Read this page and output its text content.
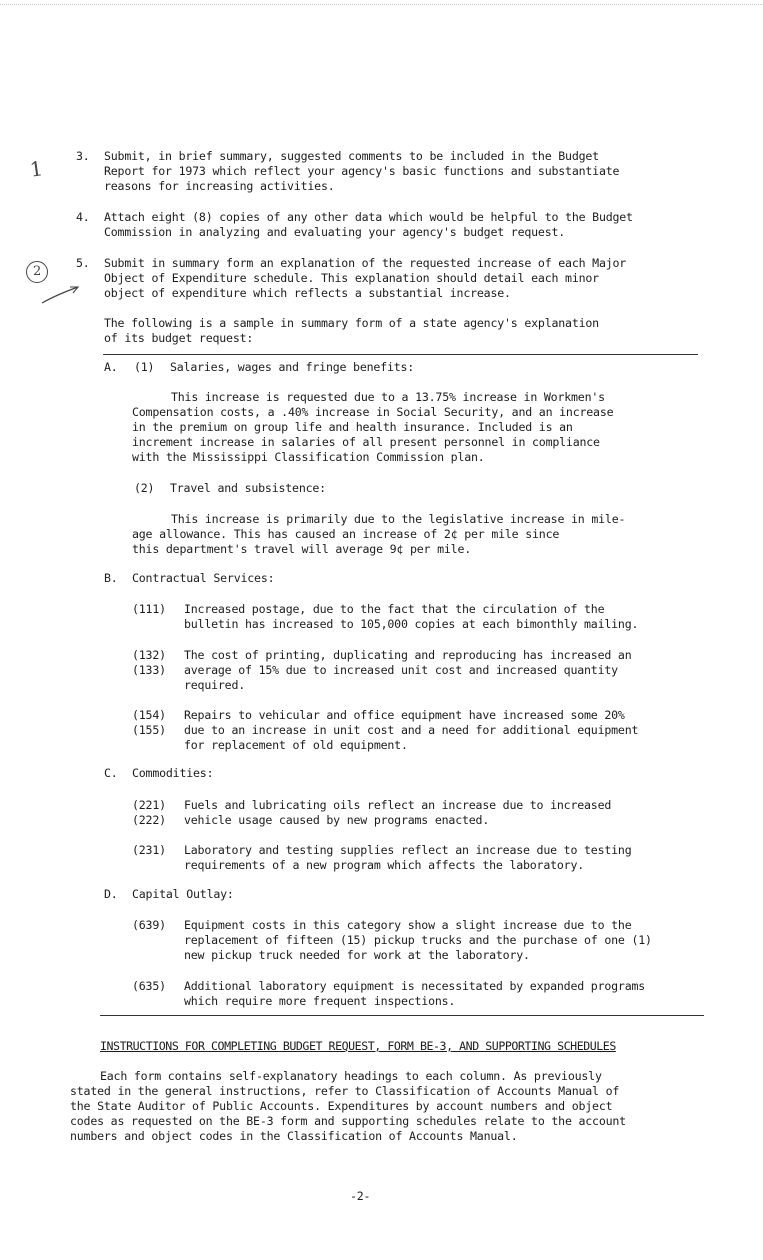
1
2
3. Submit, in brief summary, suggested comments to be included in the Budget
Report for 1973 which reflect your agency's basic functions and substantiate
reasons for increasing activities.
4. Attach eight (8) copies of any other data which would be helpful to the Budget
Commission in analyzing and evaluating your agency's budget request.
5. Submit in summary form an explanation of the requested increase of each Major
Object of Expenditure schedule. This explanation should detail each minor
object of expenditure which reflects a substantial increase.
The following is a sample in summary form of a state agency's explanation
of its budget request:
A. (1) Salaries, wages and fringe benefits:
This increase is requested due to a 13.75% increase in Workmen's
Compensation costs, a .40% increase in Social Security, and an increase
in the premium on group life and health insurance. Included is an
increment increase in salaries of all present personnel in compliance
with the Mississippi Classification Commission plan.
(2) Travel and subsistence:
This increase is primarily due to the legislative increase in mile-
age allowance. This has caused an increase of 2¢ per mile since
this department's travel will average 9¢ per mile.
B. Contractual Services:
(111) Increased postage, due to the fact that the circulation of the
bulletin has increased to 105,000 copies at each bimonthly mailing.
(132)
(133)
The cost of printing, duplicating and reproducing has increased an
average of 15% due to increased unit cost and increased quantity
required.
(154)
(155)
Repairs to vehicular and office equipment have increased some 20%
due to an increase in unit cost and a need for additional equipment
for replacement of old equipment.
C. Commodities:
(221)
(222)
Fuels and lubricating oils reflect an increase due to increased
vehicle usage caused by new programs enacted.
(231) Laboratory and testing supplies reflect an increase due to testing
requirements of a new program which affects the laboratory.
D. Capital Outlay:
(639) Equipment costs in this category show a slight increase due to the
replacement of fifteen (15) pickup trucks and the purchase of one (1)
new pickup truck needed for work at the laboratory.
(635) Additional laboratory equipment is necessitated by expanded programs
which require more frequent inspections.
INSTRUCTIONS FOR COMPLETING BUDGET REQUEST, FORM BE-3, AND SUPPORTING SCHEDULES
Each form contains self-explanatory headings to each column. As previously
stated in the general instructions, refer to Classification of Accounts Manual of
the State Auditor of Public Accounts. Expenditures by account numbers and object
codes as requested on the BE-3 form and supporting schedules relate to the account
numbers and object codes in the Classification of Accounts Manual.
-2-
